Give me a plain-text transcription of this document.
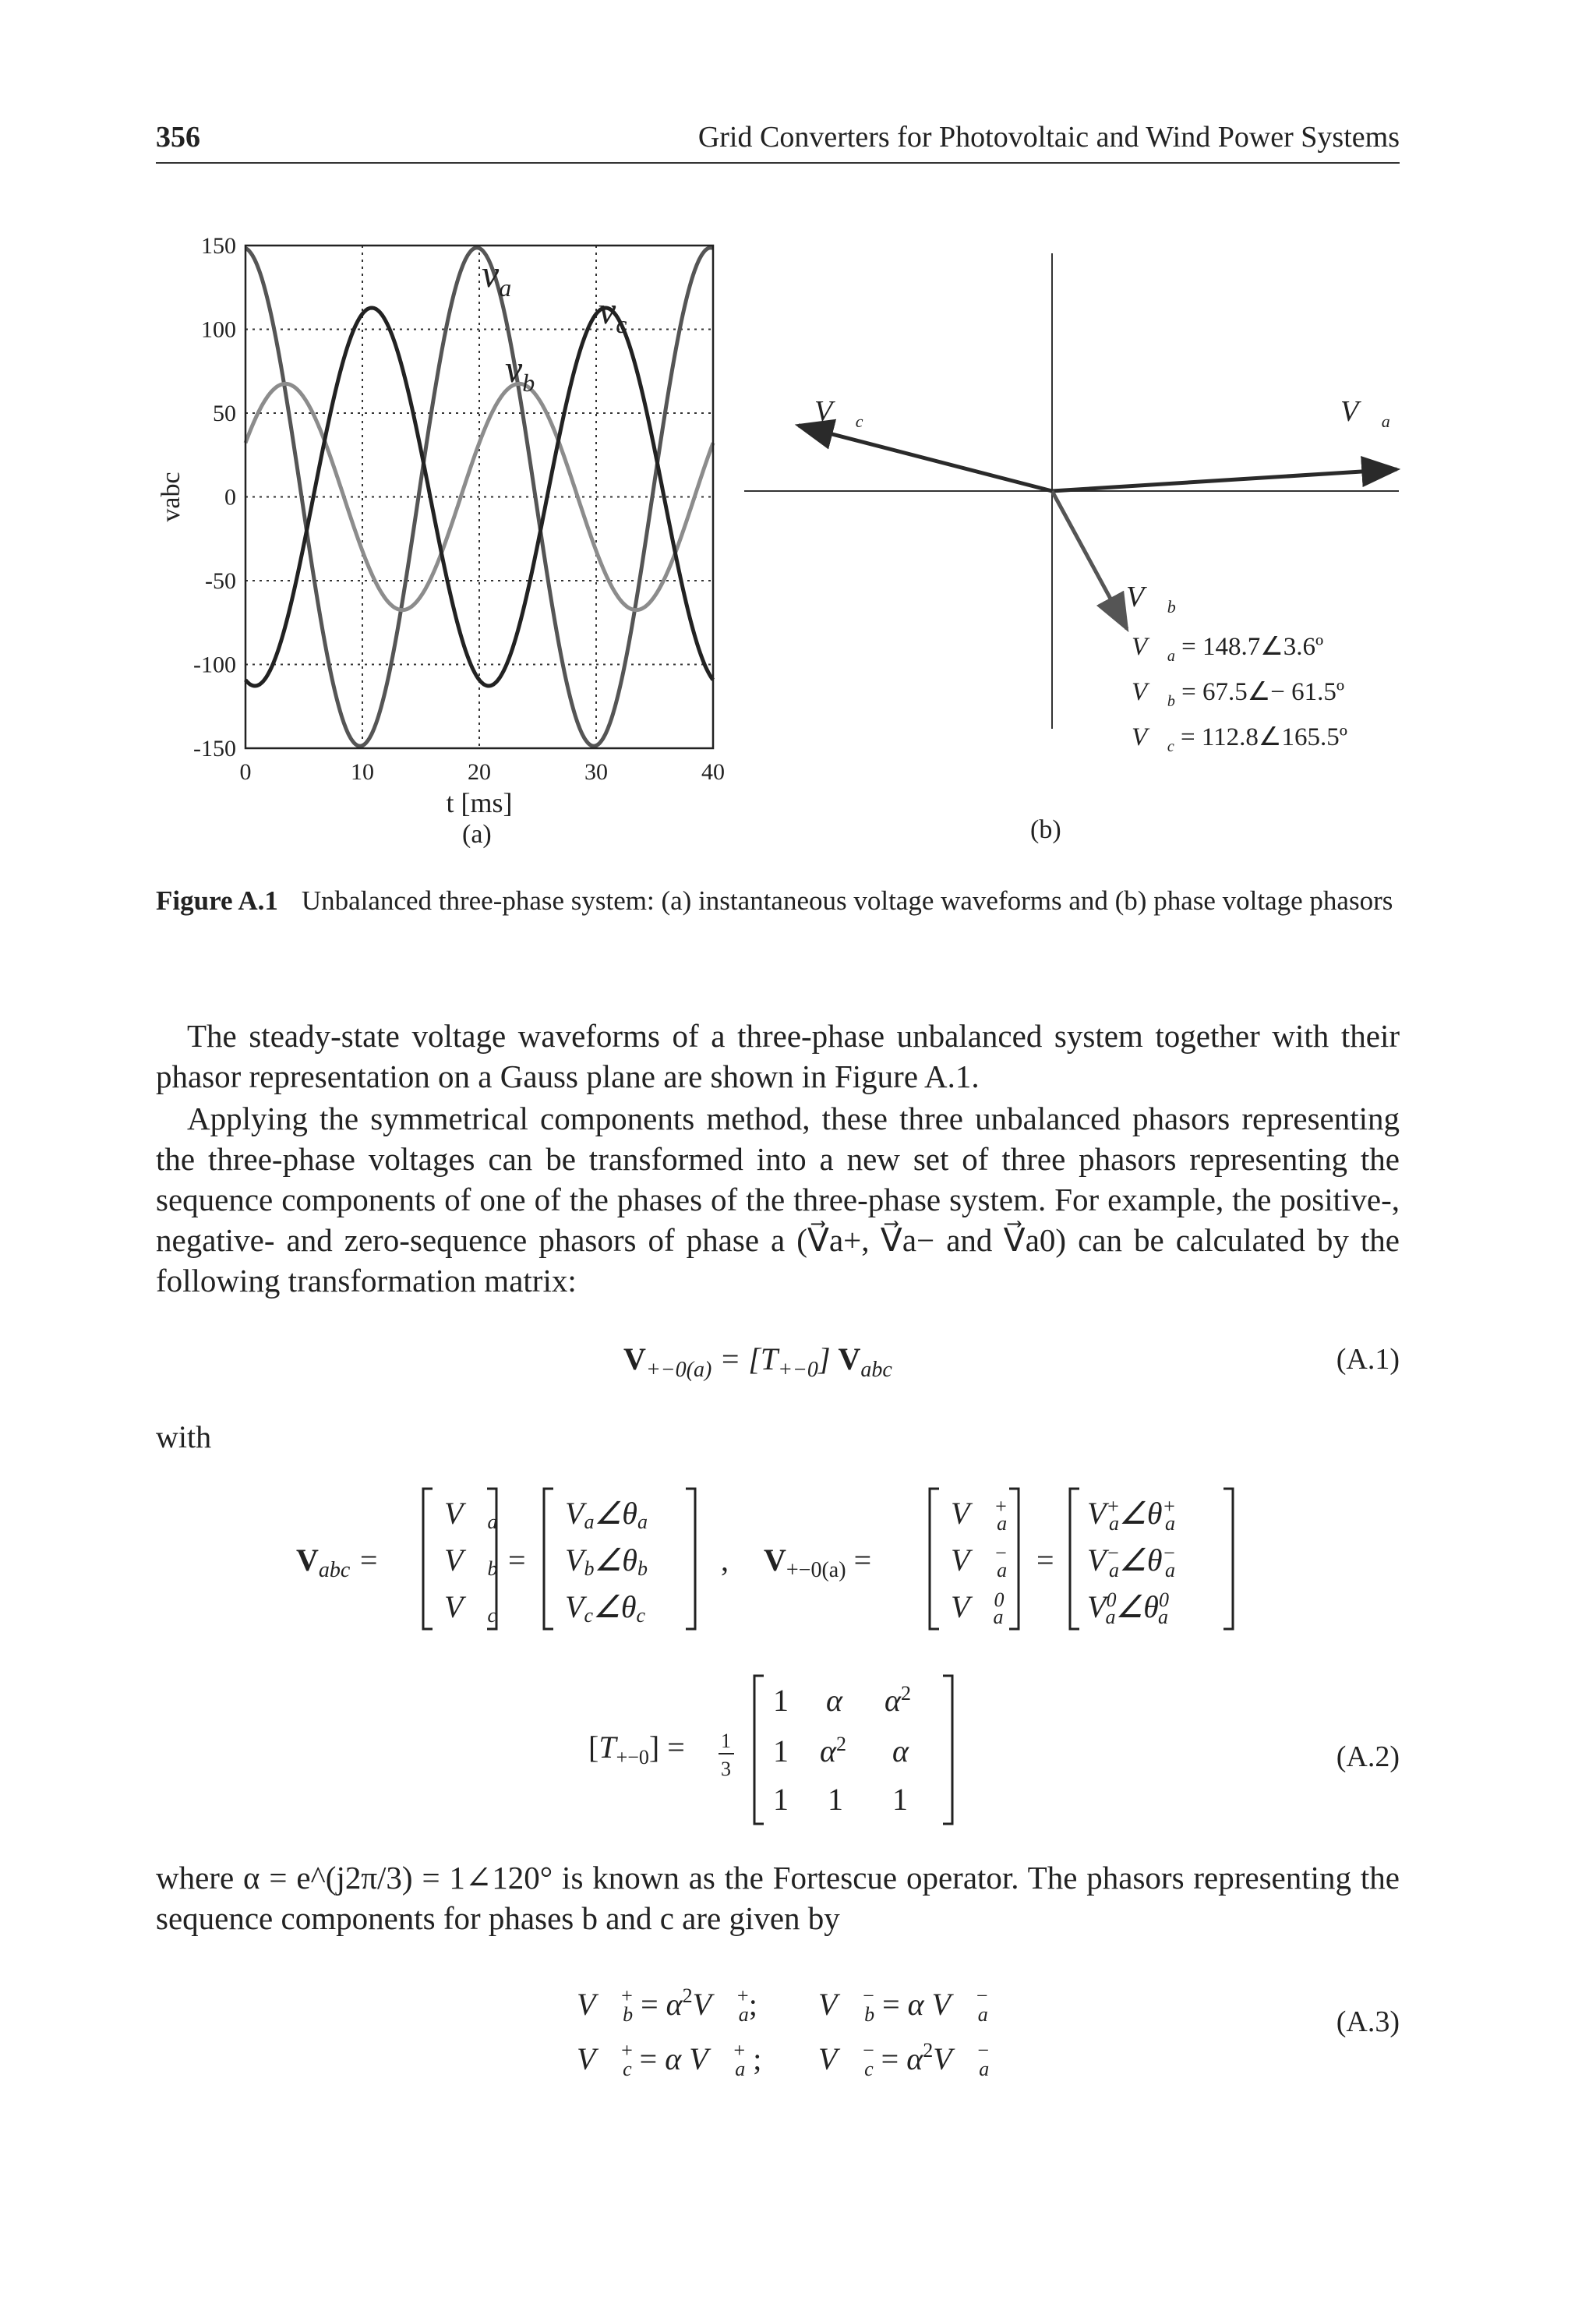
356	Grid Converters for Photovoltaic and Wind Power Systems
0	10	20	30	40
150
100
50
0
-50
-100
-150
$v_a$
$v_b$
$v_c$
t [ms]
vabc
(a)
$V⃗_a$
$V⃗_b$
$V⃗_c$
$V⃗_a$ = 148.7∠3.6º
$V⃗_b$ = 67.5∠− 61.5º
$V⃗_c$ = 112.8∠165.5º
(b)
Figure A.1 Unbalanced three-phase system: (a) instantaneous voltage waveforms and (b) phase voltage phasors
The steady-state voltage waveforms of a three-phase unbalanced system together with their phasor representation on a Gauss plane are shown in Figure A.1.
Applying the symmetrical components method, these three unbalanced phasors representing the three-phase voltages can be transformed into a new set of three phasors representing the sequence components of one of the phases of the three-phase system. For example, the positive-, negative- and zero-sequence phasors of phase a (V⃗a+, V⃗a− and V⃗a0) can be calculated by the following transformation matrix:
$V_{+-0(a)} = [T_{+-0}]$ $V_{abc}$	(A.1)
with
$V_{abc}$ =
V⃗a
V⃗b
V⃗c
=
Va∠θa
Vb∠θb
Vc∠θc
, $V_{+-0(a)}$ =
V⃗+ a
V⃗− a
V⃗$^0$ a
=
V+ a∠θ+ a
V− a∠θ− a
$V^0$ $a\angle\theta^0$ a
$[T_{+-0}] = 1$
3
1 α $\alpha^2$
1 $\alpha^2$ α
1 1 1
(A.2)
where α = e^(j2π/3) = 1∠120° is known as the Fortescue operator. The phasors representing the sequence components for phases b and c are given by
V⃗+ $b = \alpha^2V⃗^+$ a; V⃗− b = α V⃗− a
V⃗+ c = α V⃗+ a ; V⃗− $c = \alpha^2V⃗^-$ a
(A.3)
